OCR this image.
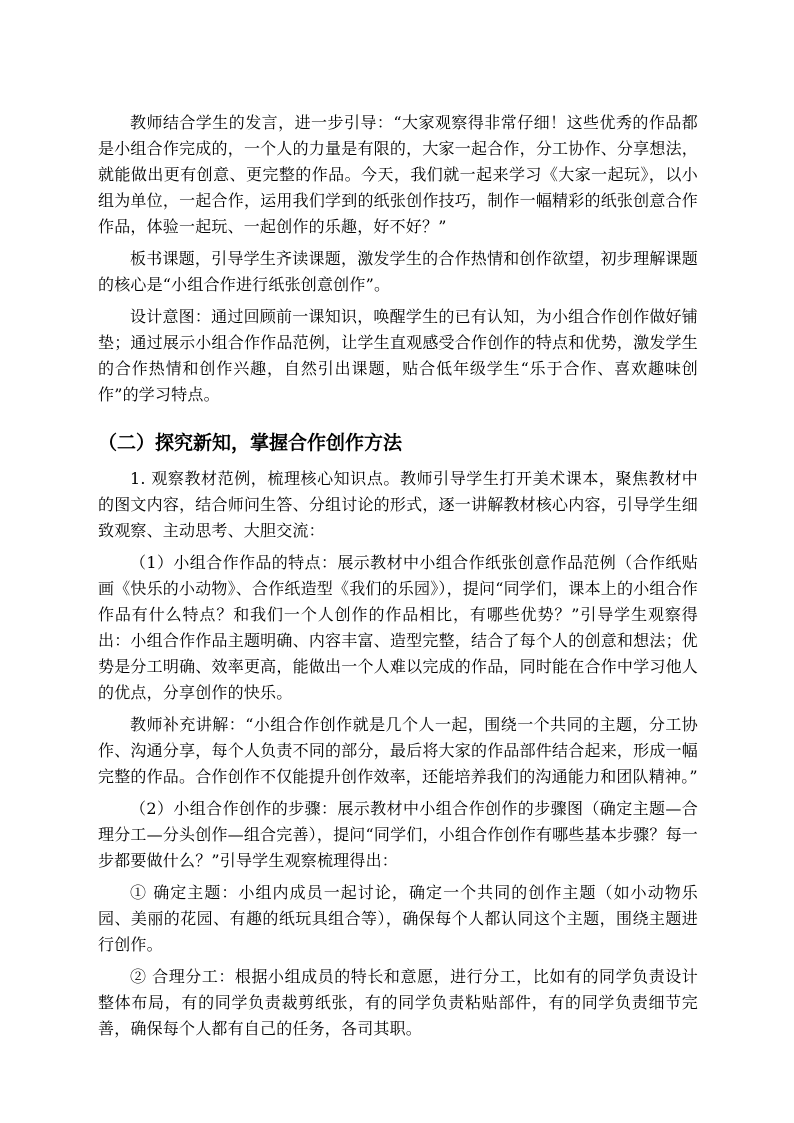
教师结合学生的发言，进一步引导：“大家观察得非常仔细！这些优秀的作品都是小组合作完成的，一个人的力量是有限的，大家一起合作，分工协作、分享想法，就能做出更有创意、更完整的作品。今天，我们就一起来学习《大家一起玩》，以小组为单位，一起合作，运用我们学到的纸张创作技巧，制作一幅精彩的纸张创意合作作品，体验一起玩、一起创作的乐趣，好不好？”

板书课题，引导学生齐读课题，激发学生的合作热情和创作欲望，初步理解课题的核心是“小组合作进行纸张创意创作”。

设计意图：通过回顾前一课知识，唤醒学生的已有认知，为小组合作创作做好铺垫；通过展示小组合作作品范例，让学生直观感受合作创作的特点和优势，激发学生的合作热情和创作兴趣，自然引出课题，贴合低年级学生“乐于合作、喜欢趣味创作”的学习特点。

（二）探究新知，掌握合作创作方法

1. 观察教材范例，梳理核心知识点。教师引导学生打开美术课本，聚焦教材中的图文内容，结合师问生答、分组讨论的形式，逐一讲解教材核心内容，引导学生细致观察、主动思考、大胆交流：

（1）小组合作作品的特点：展示教材中小组合作纸张创意作品范例（合作纸贴画《快乐的小动物》、合作纸造型《我们的乐园》），提问“同学们，课本上的小组合作作品有什么特点？和我们一个人创作的作品相比，有哪些优势？”引导学生观察得出：小组合作作品主题明确、内容丰富、造型完整，结合了每个人的创意和想法；优势是分工明确、效率更高，能做出一个人难以完成的作品，同时能在合作中学习他人的优点，分享创作的快乐。

教师补充讲解：“小组合作创作就是几个人一起，围绕一个共同的主题，分工协作、沟通分享，每个人负责不同的部分，最后将大家的作品部件结合起来，形成一幅完整的作品。合作创作不仅能提升创作效率，还能培养我们的沟通能力和团队精神。”

（2）小组合作创作的步骤：展示教材中小组合作创作的步骤图（确定主题—合理分工—分头创作—组合完善），提问“同学们，小组合作创作有哪些基本步骤？每一步都要做什么？”引导学生观察梳理得出：

① 确定主题：小组内成员一起讨论，确定一个共同的创作主题（如小动物乐园、美丽的花园、有趣的纸玩具组合等），确保每个人都认同这个主题，围绕主题进行创作。

② 合理分工：根据小组成员的特长和意愿，进行分工，比如有的同学负责设计整体布局，有的同学负责裁剪纸张，有的同学负责粘贴部件，有的同学负责细节完善，确保每个人都有自己的任务，各司其职。
